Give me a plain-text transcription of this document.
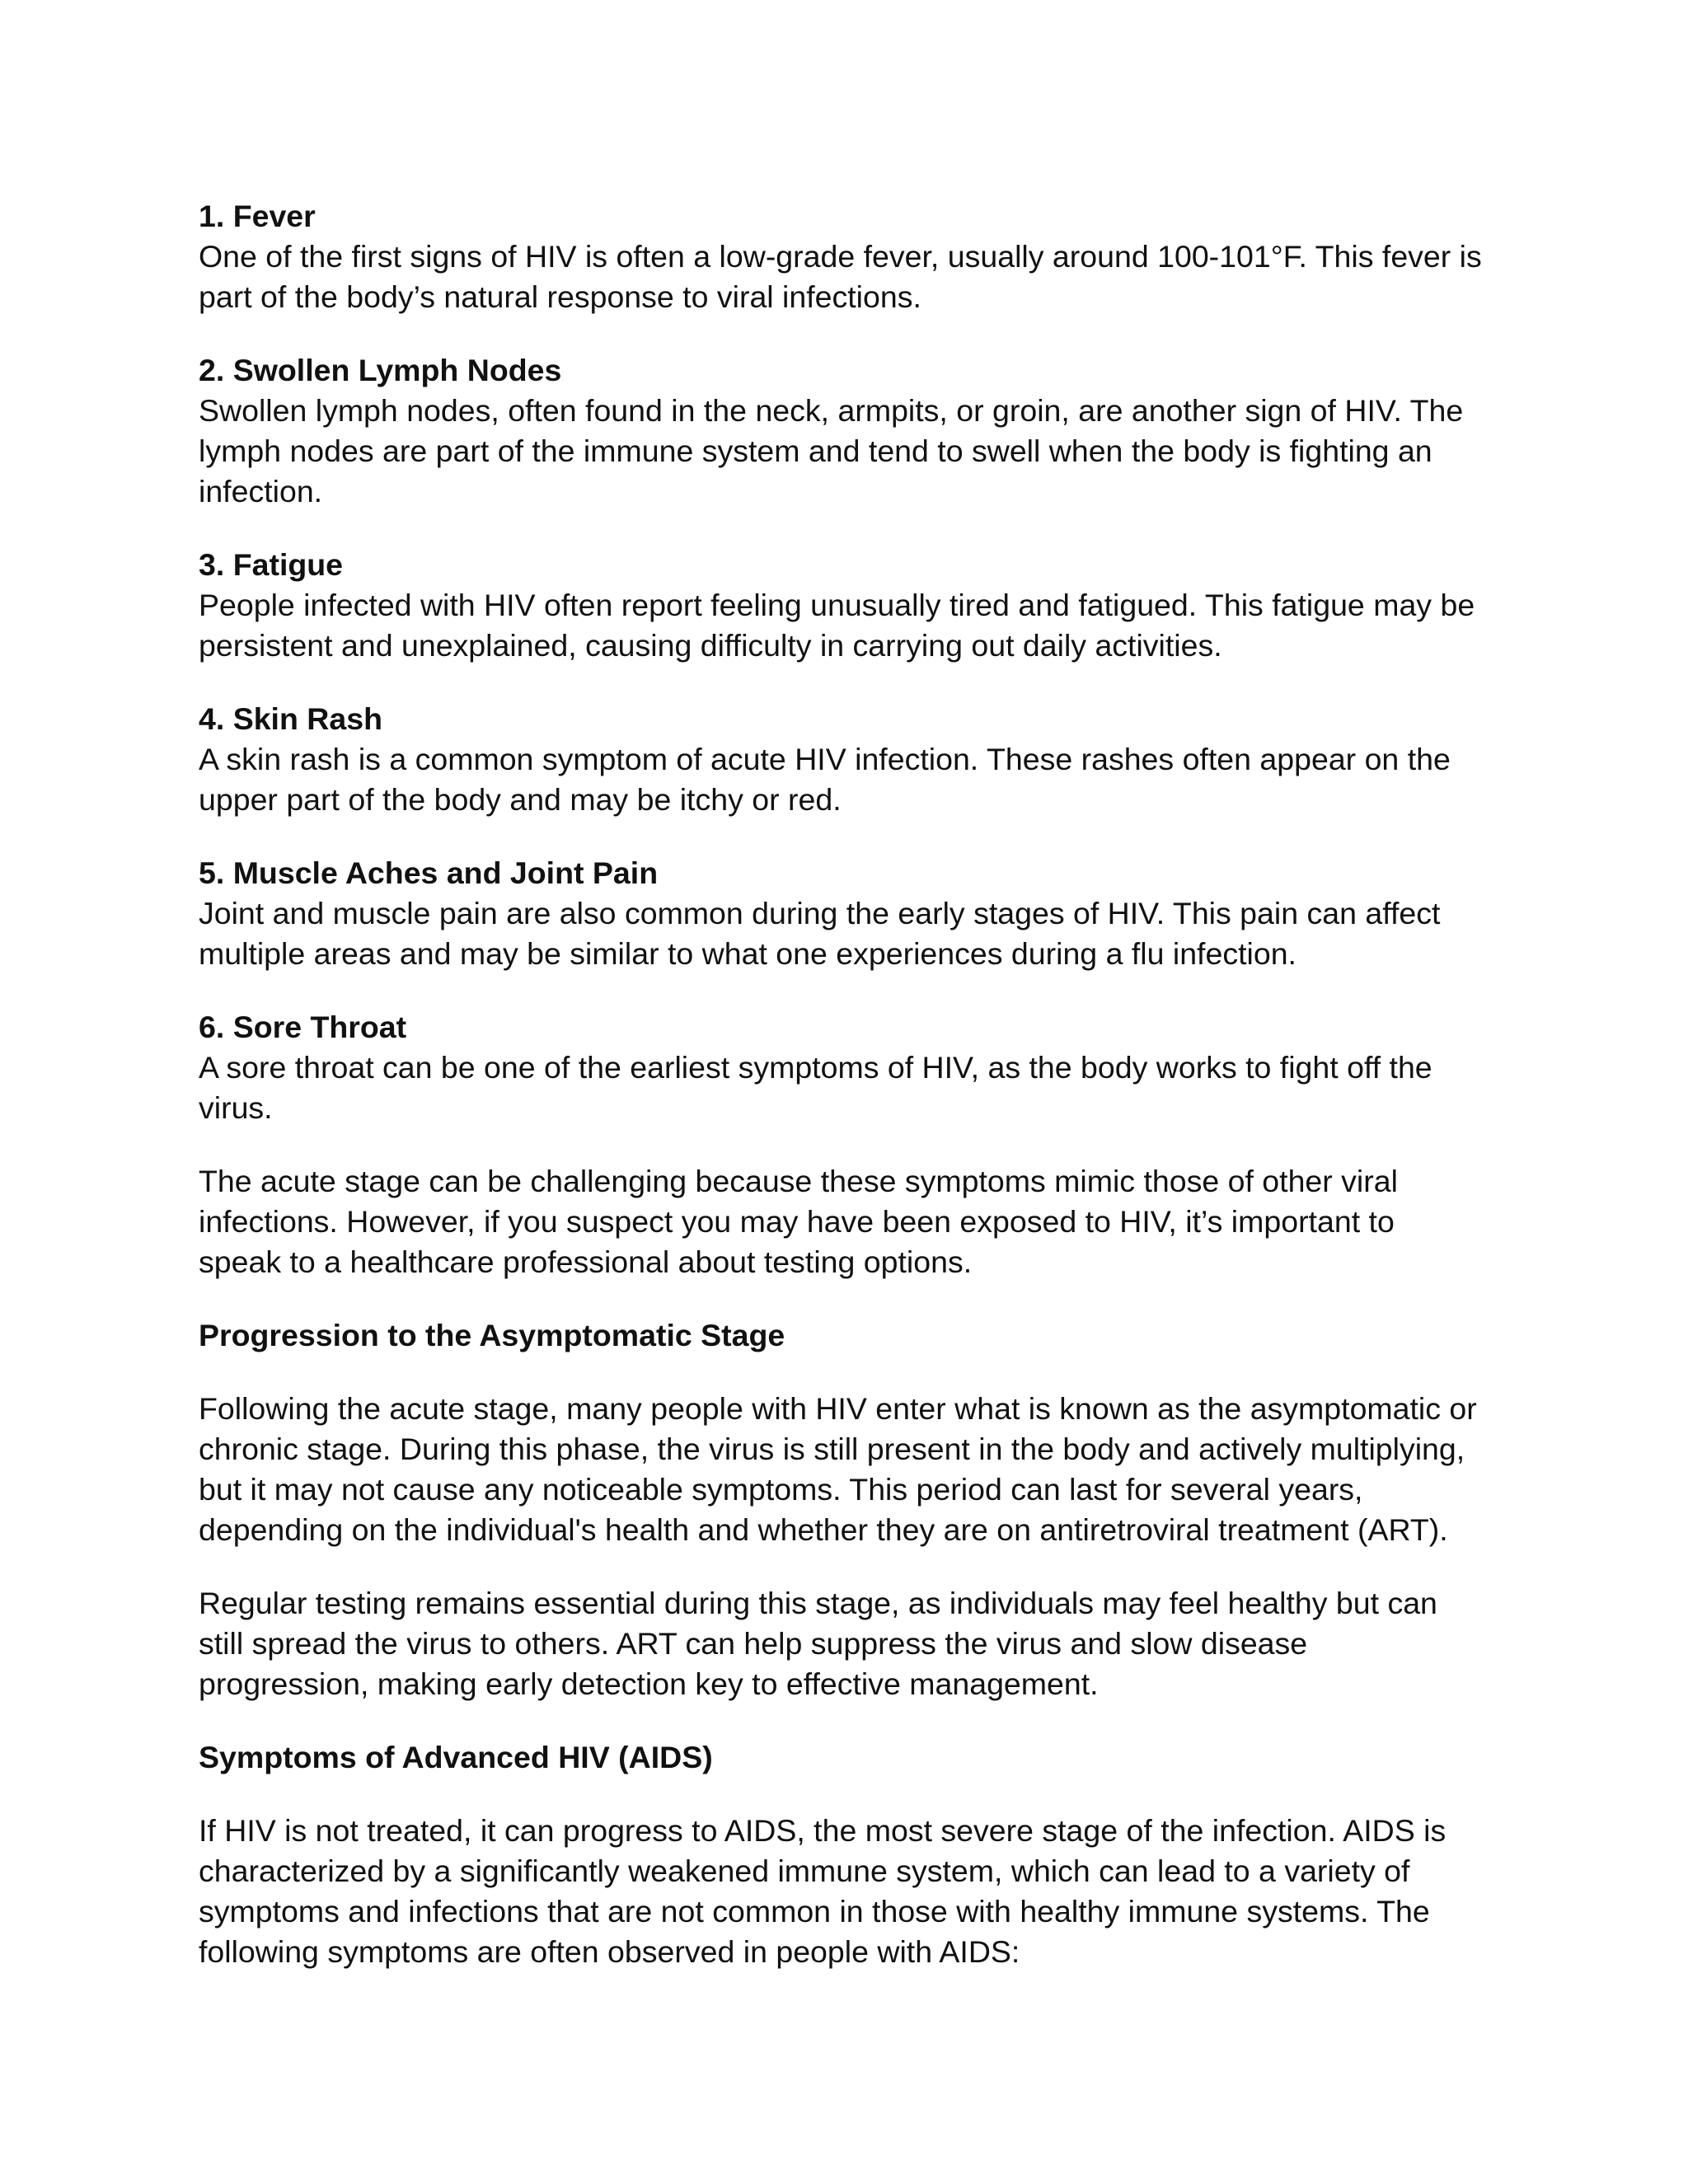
1. Fever
One of the first signs of HIV is often a low-grade fever, usually around 100-101°F. This fever is part of the body’s natural response to viral infections.
2. Swollen Lymph Nodes
Swollen lymph nodes, often found in the neck, armpits, or groin, are another sign of HIV. The lymph nodes are part of the immune system and tend to swell when the body is fighting an infection.
3. Fatigue
People infected with HIV often report feeling unusually tired and fatigued. This fatigue may be persistent and unexplained, causing difficulty in carrying out daily activities.
4. Skin Rash
A skin rash is a common symptom of acute HIV infection. These rashes often appear on the upper part of the body and may be itchy or red.
5. Muscle Aches and Joint Pain
Joint and muscle pain are also common during the early stages of HIV. This pain can affect multiple areas and may be similar to what one experiences during a flu infection.
6. Sore Throat
A sore throat can be one of the earliest symptoms of HIV, as the body works to fight off the virus.

The acute stage can be challenging because these symptoms mimic those of other viral infections. However, if you suspect you may have been exposed to HIV, it’s important to speak to a healthcare professional about testing options.

Progression to the Asymptomatic Stage

Following the acute stage, many people with HIV enter what is known as the asymptomatic or chronic stage. During this phase, the virus is still present in the body and actively multiplying, but it may not cause any noticeable symptoms. This period can last for several years, depending on the individual's health and whether they are on antiretroviral treatment (ART).

Regular testing remains essential during this stage, as individuals may feel healthy but can still spread the virus to others. ART can help suppress the virus and slow disease progression, making early detection key to effective management.

Symptoms of Advanced HIV (AIDS)

If HIV is not treated, it can progress to AIDS, the most severe stage of the infection. AIDS is characterized by a significantly weakened immune system, which can lead to a variety of symptoms and infections that are not common in those with healthy immune systems. The following symptoms are often observed in people with AIDS:
